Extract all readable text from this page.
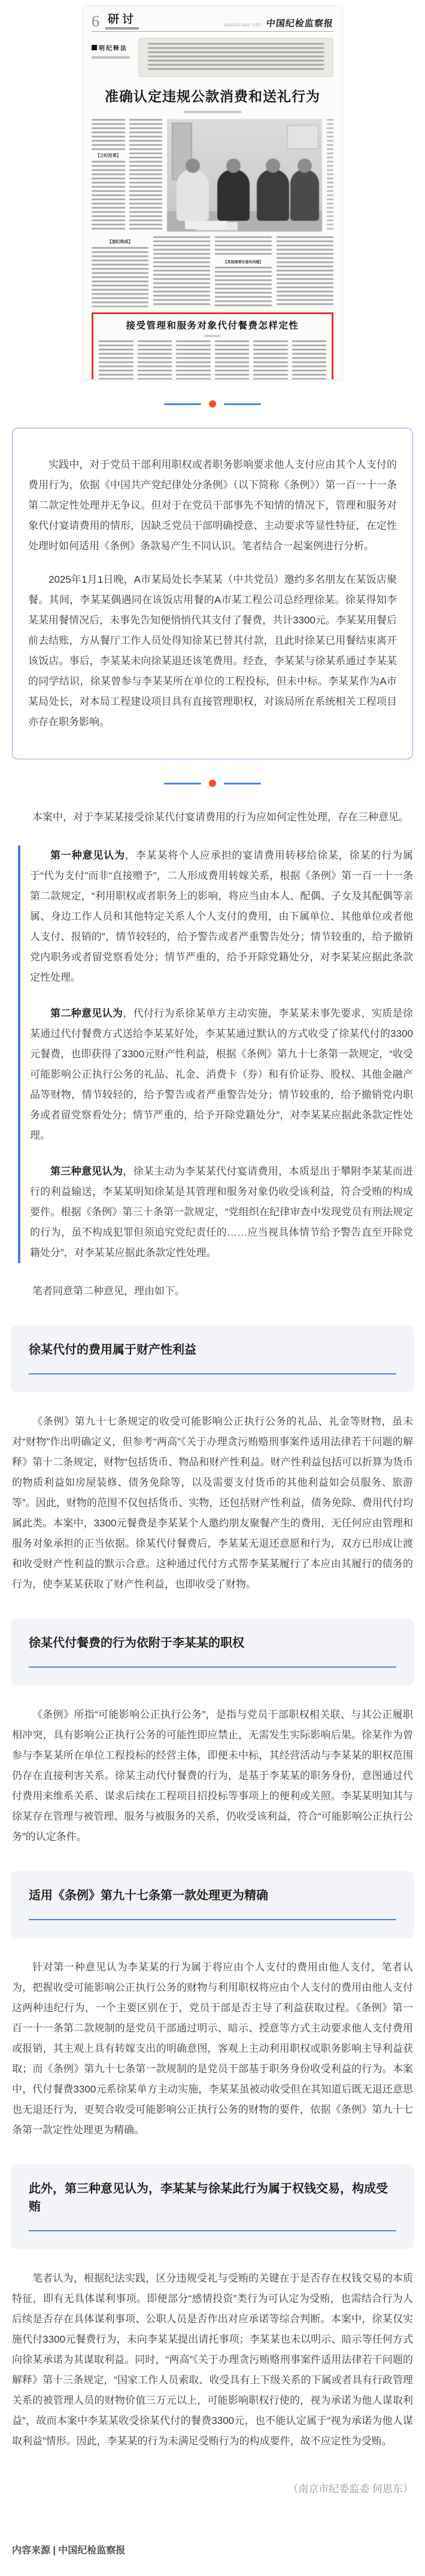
6 研讨	2025年12月31日 星期三 中国纪检监察报
明纪释法
准确认定违规公款消费和送礼行为
【立纪沿革】
【违纪构成】
【其他需要注意的问题】
接受管理和服务对象代付餐费怎样定性

实践中，对于党员干部利用职权或者职务影响要求他人支付应由其个人支付的费用行为，依据《中国共产党纪律处分条例》（以下简称《条例》）第一百一十一条第二款定性处理并无争议。但对于在党员干部事先不知情的情况下，管理和服务对象代付宴请费用的情形，因缺乏党员干部明确授意、主动要求等显性特征，在定性处理时如何适用《条例》条款易产生不同认识。笔者结合一起案例进行分析。

2025年1月1日晚，A市某局处长李某某（中共党员）邀约多名朋友在某饭店聚餐。其间，李某某偶遇同在该饭店用餐的A市某工程公司总经理徐某。徐某得知李某某用餐情况后，未事先告知便悄悄代其支付了餐费，共计3300元。李某某用餐后前去结账，方从餐厅工作人员处得知徐某已替其付款，且此时徐某已用餐结束离开该饭店。事后，李某某未向徐某退还该笔费用。经查，李某某与徐某系通过李某某的同学结识，徐某曾参与李某某所在单位的工程投标，但未中标。李某某作为A市某局处长，对本局工程建设项目具有直接管理职权，对该局所在系统相关工程项目亦存在职务影响。

本案中，对于李某某接受徐某代付宴请费用的行为应如何定性处理，存在三种意见。

第一种意见认为，李某某将个人应承担的宴请费用转移给徐某，徐某的行为属于“代为支付”而非“直接赠予”，二人形成费用转嫁关系，根据《条例》第一百一十一条第二款规定，“利用职权或者职务上的影响，将应当由本人、配偶、子女及其配偶等亲属、身边工作人员和其他特定关系人个人支付的费用，由下属单位、其他单位或者他人支付、报销的”，情节较轻的，给予警告或者严重警告处分；情节较重的，给予撤销党内职务或者留党察看处分；情节严重的，给予开除党籍处分，对李某某应据此条款定性处理。

第二种意见认为，代付行为系徐某单方主动实施，李某某未事先要求，实质是徐某通过代付餐费方式送给李某某好处，李某某通过默认的方式收受了徐某代付的3300元餐费，也即获得了3300元财产性利益，根据《条例》第九十七条第一款规定，“收受可能影响公正执行公务的礼品、礼金、消费卡（券）和有价证券、股权、其他金融产品等财物，情节较轻的，给予警告或者严重警告处分；情节较重的，给予撤销党内职务或者留党察看处分；情节严重的，给予开除党籍处分”，对李某某应据此条款定性处理。

第三种意见认为，徐某主动为李某某代付宴请费用，本质是出于攀附李某某而进行的利益输送，李某某明知徐某是其管理和服务对象仍收受该利益，符合受贿的构成要件。根据《条例》第三十条第一款规定，“党组织在纪律审查中发现党员有刑法规定的行为，虽不构成犯罪但须追究党纪责任的……应当视具体情节给予警告直至开除党籍处分”，对李某某应据此条款定性处理。

笔者同意第二种意见，理由如下。

徐某代付的费用属于财产性利益

《条例》第九十七条规定的收受可能影响公正执行公务的礼品、礼金等财物，虽未对“财物”作出明确定义，但参考“两高”《关于办理贪污贿赂刑事案件适用法律若干问题的解释》第十二条规定，财物“包括货币、物品和财产性利益。财产性利益包括可以折算为货币的物质利益如房屋装修、债务免除等，以及需要支付货币的其他利益如会员服务、旅游等”。因此，财物的范围不仅包括货币、实物，还包括财产性利益，债务免除、费用代付均属此类。本案中，3300元餐费是李某某个人邀约朋友聚餐产生的费用，无任何应由管理和服务对象承担的正当依据。徐某代付餐费后，李某某无退还意愿和行为，双方已形成让渡和收受财产性利益的默示合意。这种通过代付方式帮李某某履行了本应由其履行的债务的行为，使李某某获取了财产性利益，也即收受了财物。

徐某代付餐费的行为依附于李某某的职权

《条例》所指“可能影响公正执行公务”，是指与党员干部职权相关联、与其公正履职相冲突，具有影响公正执行公务的可能性即应禁止，无需发生实际影响后果。徐某作为曾参与李某某所在单位工程投标的经营主体，即便未中标，其经营活动与李某某的职权范围仍存在直接利害关系。徐某主动代付餐费的行为，是基于李某某的职务身份，意图通过代付费用来维系关系、谋求后续在工程项目招投标等事项上的便利或关照。李某某明知其与徐某存在管理与被管理、服务与被服务的关系，仍收受该利益，符合“可能影响公正执行公务”的认定条件。

适用《条例》第九十七条第一款处理更为精确

针对第一种意见认为李某某的行为属于将应由个人支付的费用由他人支付，笔者认为，把握收受可能影响公正执行公务的财物与利用职权将应由个人支付的费用由他人支付这两种违纪行为，一个主要区别在于，党员干部是否主导了利益获取过程。《条例》第一百一十一条第二款规制的是党员干部通过明示、暗示、授意等方式主动要求他人支付费用或报销，其主观上具有转嫁支出的明确意图，客观上主动利用职权或职务影响主导利益获取；而《条例》第九十七条第一款规制的是党员干部基于职务身份收受利益的行为。本案中，代付餐费3300元系徐某单方主动实施，李某某虽被动收受但在其知道后既无退还意思也无退还行为，更契合收受可能影响公正执行公务的财物的要件，依据《条例》第九十七条第一款定性处理更为精确。

此外，第三种意见认为，李某某与徐某此行为属于权钱交易，构成受贿

笔者认为，根据纪法实践，区分违规受礼与受贿的关键在于是否存在权钱交易的本质特征，即有无具体谋利事项。即便部分“感情投资”类行为可认定为受贿，也需结合行为人后续是否存在具体谋利事项、公职人员是否作出对应承诺等综合判断。本案中，徐某仅实施代付3300元餐费行为，未向李某某提出请托事项；李某某也未以明示、暗示等任何方式向徐某承诺为其谋取利益。同时，“两高”《关于办理贪污贿赂刑事案件适用法律若干问题的解释》第十三条规定，“国家工作人员索取、收受具有上下级关系的下属或者具有行政管理关系的被管理人员的财物价值三万元以上，可能影响职权行使的，视为承诺为他人谋取利益”，故而本案中李某某收受徐某代付的餐费3300元，也不能认定属于“视为承诺为他人谋取利益”情形。因此，李某某的行为未满足受贿行为的构成要件，故不应定性为受贿。

（南京市纪委监委 何恩东）

内容来源 | 中国纪检监察报
